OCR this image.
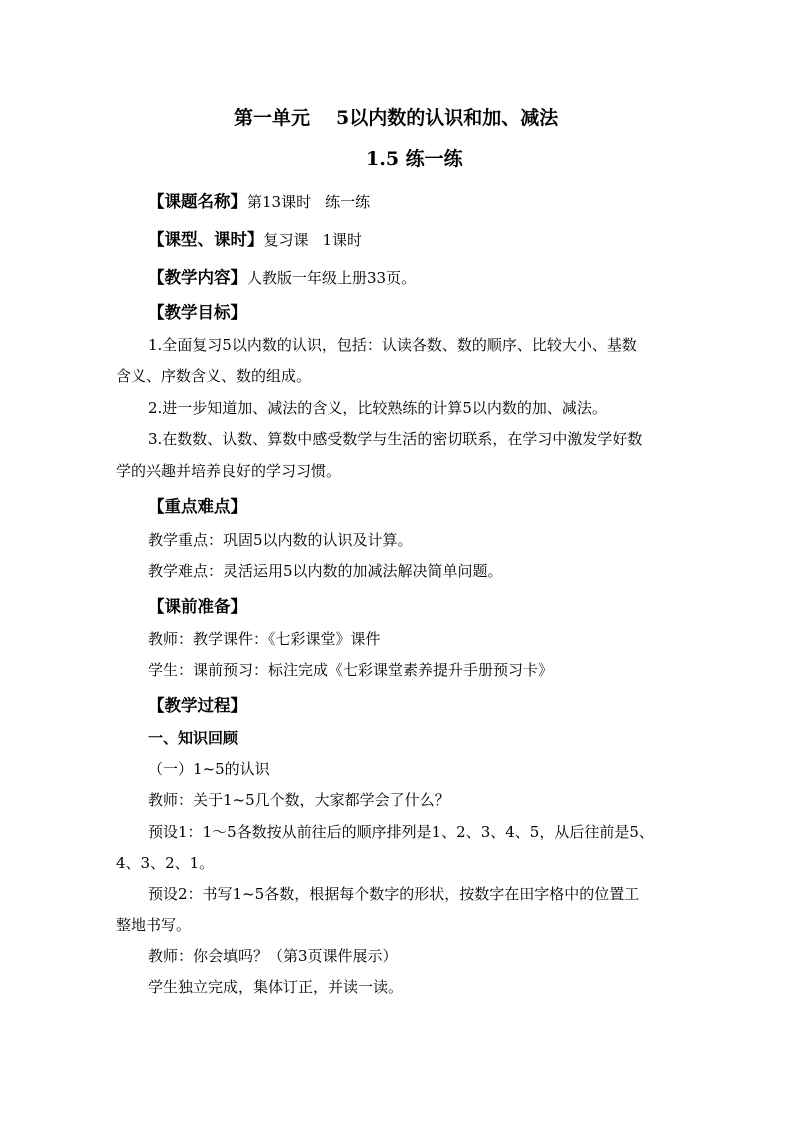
第一单元 5以内数的认识和加、减法
1.5 练一练
【课题名称】第13课时 练一练
【课型、课时】复习课 1课时
【教学内容】人教版一年级上册33页。
【教学目标】
1.全面复习5以内数的认识，包括：认读各数、数的顺序、比较大小、基数
含义、序数含义、数的组成。
2.进一步知道加、减法的含义，比较熟练的计算5以内数的加、减法。
3.在数数、认数、算数中感受数学与生活的密切联系，在学习中激发学好数
学的兴趣并培养良好的学习习惯。
【重点难点】
教学重点：巩固5以内数的认识及计算。
教学难点：灵活运用5以内数的加减法解决简单问题。
【课前准备】
教师：教学课件：《七彩课堂》课件
学生：课前预习：标注完成《七彩课堂素养提升手册预习卡》
【教学过程】
一、知识回顾
（一）1~5的认识
教师：关于1~5几个数，大家都学会了什么？
预设1：1～5各数按从前往后的顺序排列是1、2、3、4、5，从后往前是5、
4、3、2、1。
预设2：书写1~5各数，根据每个数字的形状，按数字在田字格中的位置工
整地书写。
教师：你会填吗？（第3页课件展示）
学生独立完成，集体订正，并读一读。
